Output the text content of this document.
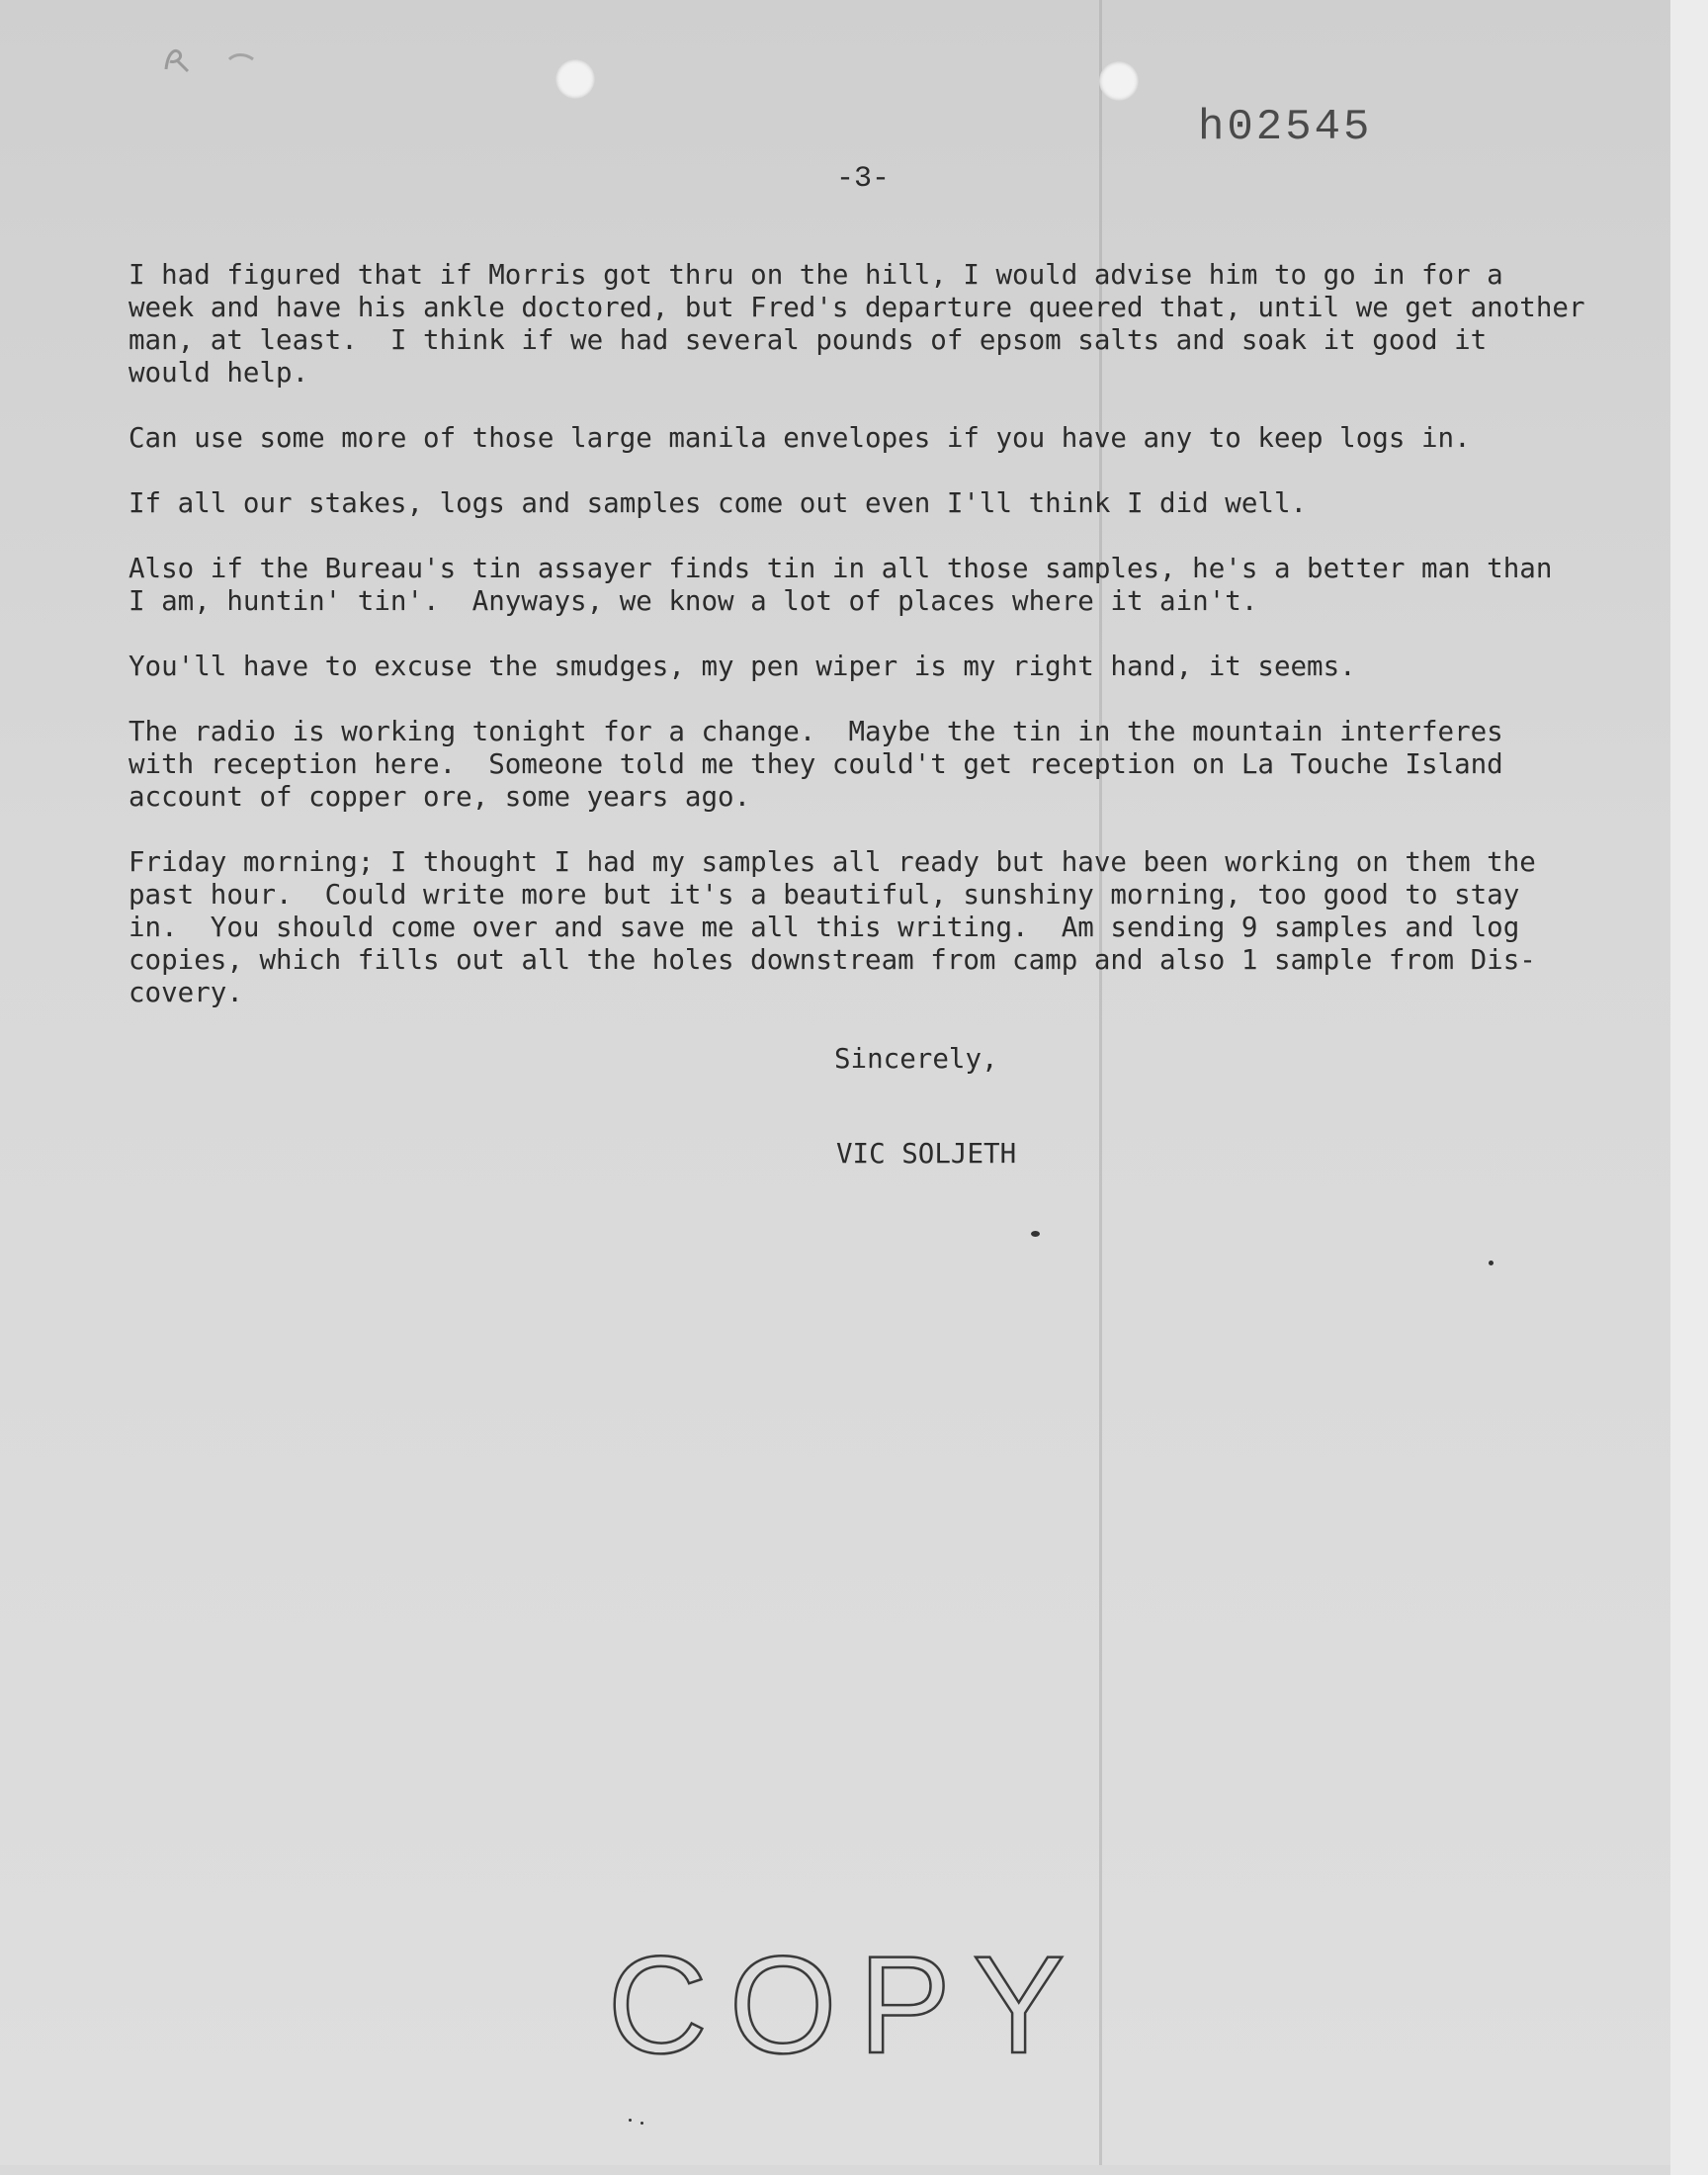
h02545
-3-
I had figured that if Morris got thru on the hill, I would advise him to go in for a
week and have his ankle doctored, but Fred's departure queered that, until we get another
man, at least.  I think if we had several pounds of epsom salts and soak it good it
would help.
Can use some more of those large manila envelopes if you have any to keep logs in.
If all our stakes, logs and samples come out even I'll think I did well.
Also if the Bureau's tin assayer finds tin in all those samples, he's a better man than
I am, huntin' tin'.  Anyways, we know a lot of places where it ain't.
You'll have to excuse the smudges, my pen wiper is my right hand, it seems.
The radio is working tonight for a change.  Maybe the tin in the mountain interferes
with reception here.  Someone told me they could't get reception on La Touche Island
account of copper ore, some years ago.
Friday morning; I thought I had my samples all ready but have been working on them the
past hour.  Could write more but it's a beautiful, sunshiny morning, too good to stay
in.  You should come over and save me all this writing.  Am sending 9 samples and log
copies, which fills out all the holes downstream from camp and also 1 sample from Dis-
covery.
Sincerely,
VIC SOLJETH
COPY
